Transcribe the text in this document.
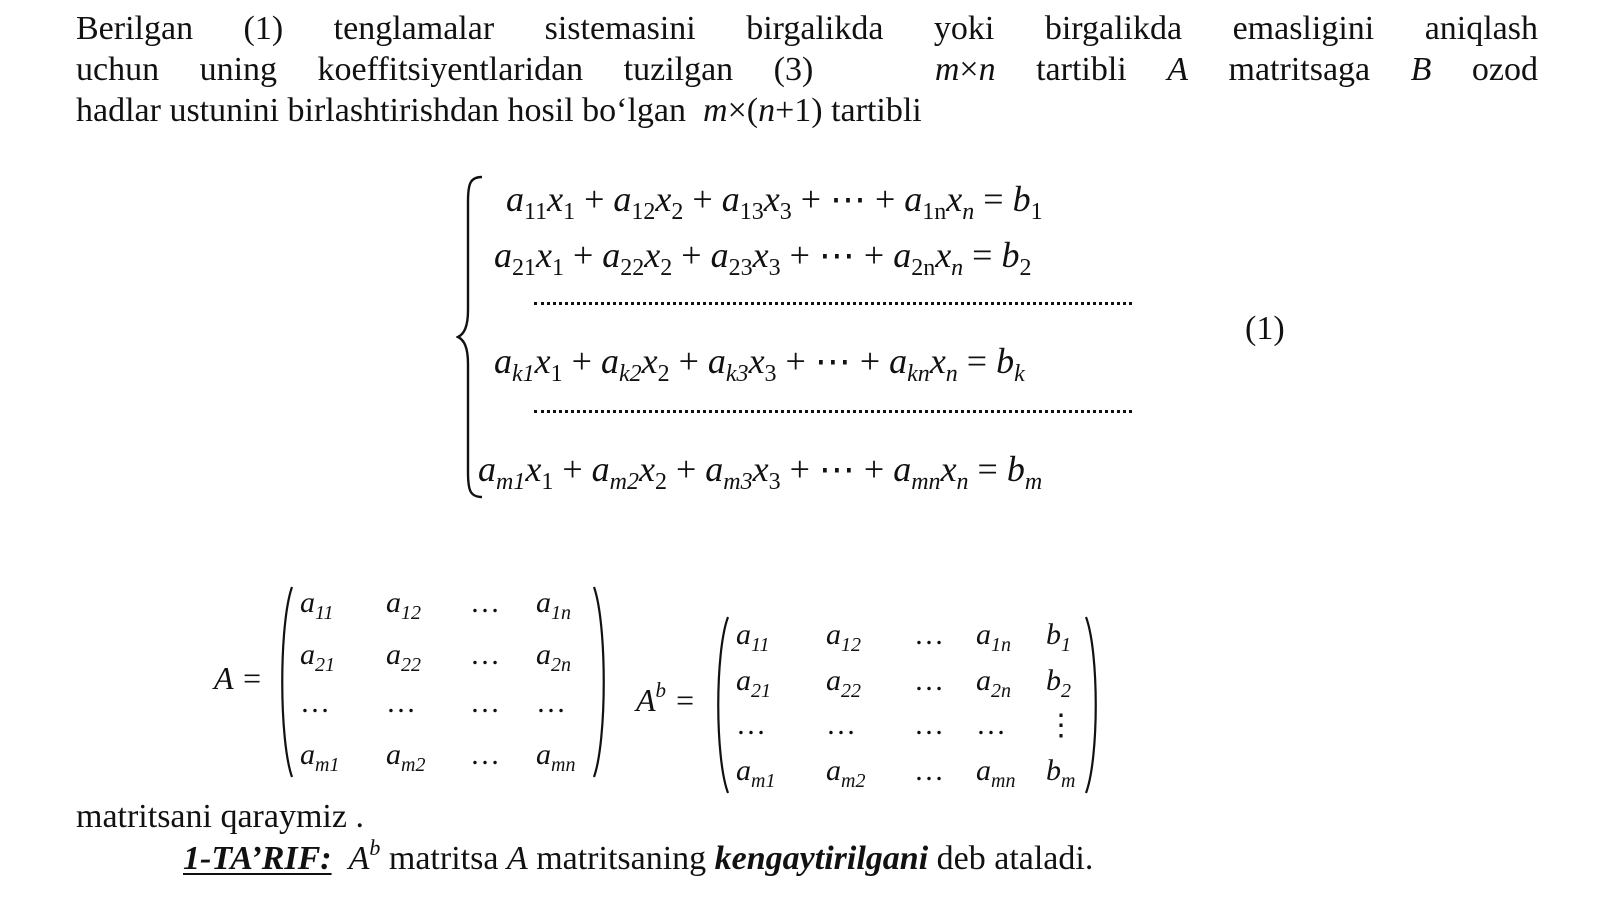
Berilgan (1) tenglamalar sistemasini birgalikda yoki birgalikda emasligini aniqlash
uchun uning koeffitsiyentlaridan tuzilgan (3)	m×n tartibli A matritsaga B ozod
hadlar ustunini birlashtirishdan hosil bo‘lgan m×(n+1) tartibli
$a_{11}x_1 + a_{12}x_2 + a_{13}x_3$ + ⋯ + $a_{1n}x_n = b_1$
$a_{21}x_1 + a_{22}x_2 + a_{23}x_3$ + ⋯ + $a_{2n}x_n = b_2$
$a_{k1}x_1 + a_{k2}x_2 + a_{k3}x_3$ + ⋯ + $a_{kn}x_n = b_k$
$a_{m1}x_1 + a_{m2}x_2 + a_{m3}x_3$ + ⋯ + $a_{mn}x_n = b_m$
(1)
A =
$a_{11}$ $a_{12}$ … $a_{1n}$
$a_{21}$ $a_{22}$ … $a_{2n}$
… … … …
$a_{m1}$ $a_{m2}$ … $a_{mn}$
$A^b$ =
$a_{11}$ $a_{12}$ … $a_{1n}$ $b_1$
$a_{21}$ $a_{22}$ … $a_{2n}$ $b_2$
… … … … ⋮
$a_{m1}$ $a_{m2}$ … $a_{mn}$ $b_m$
matritsani qaraymiz .
1-TA’RIF: $A^b$ matritsa A matritsaning kengaytirilgani deb ataladi.
